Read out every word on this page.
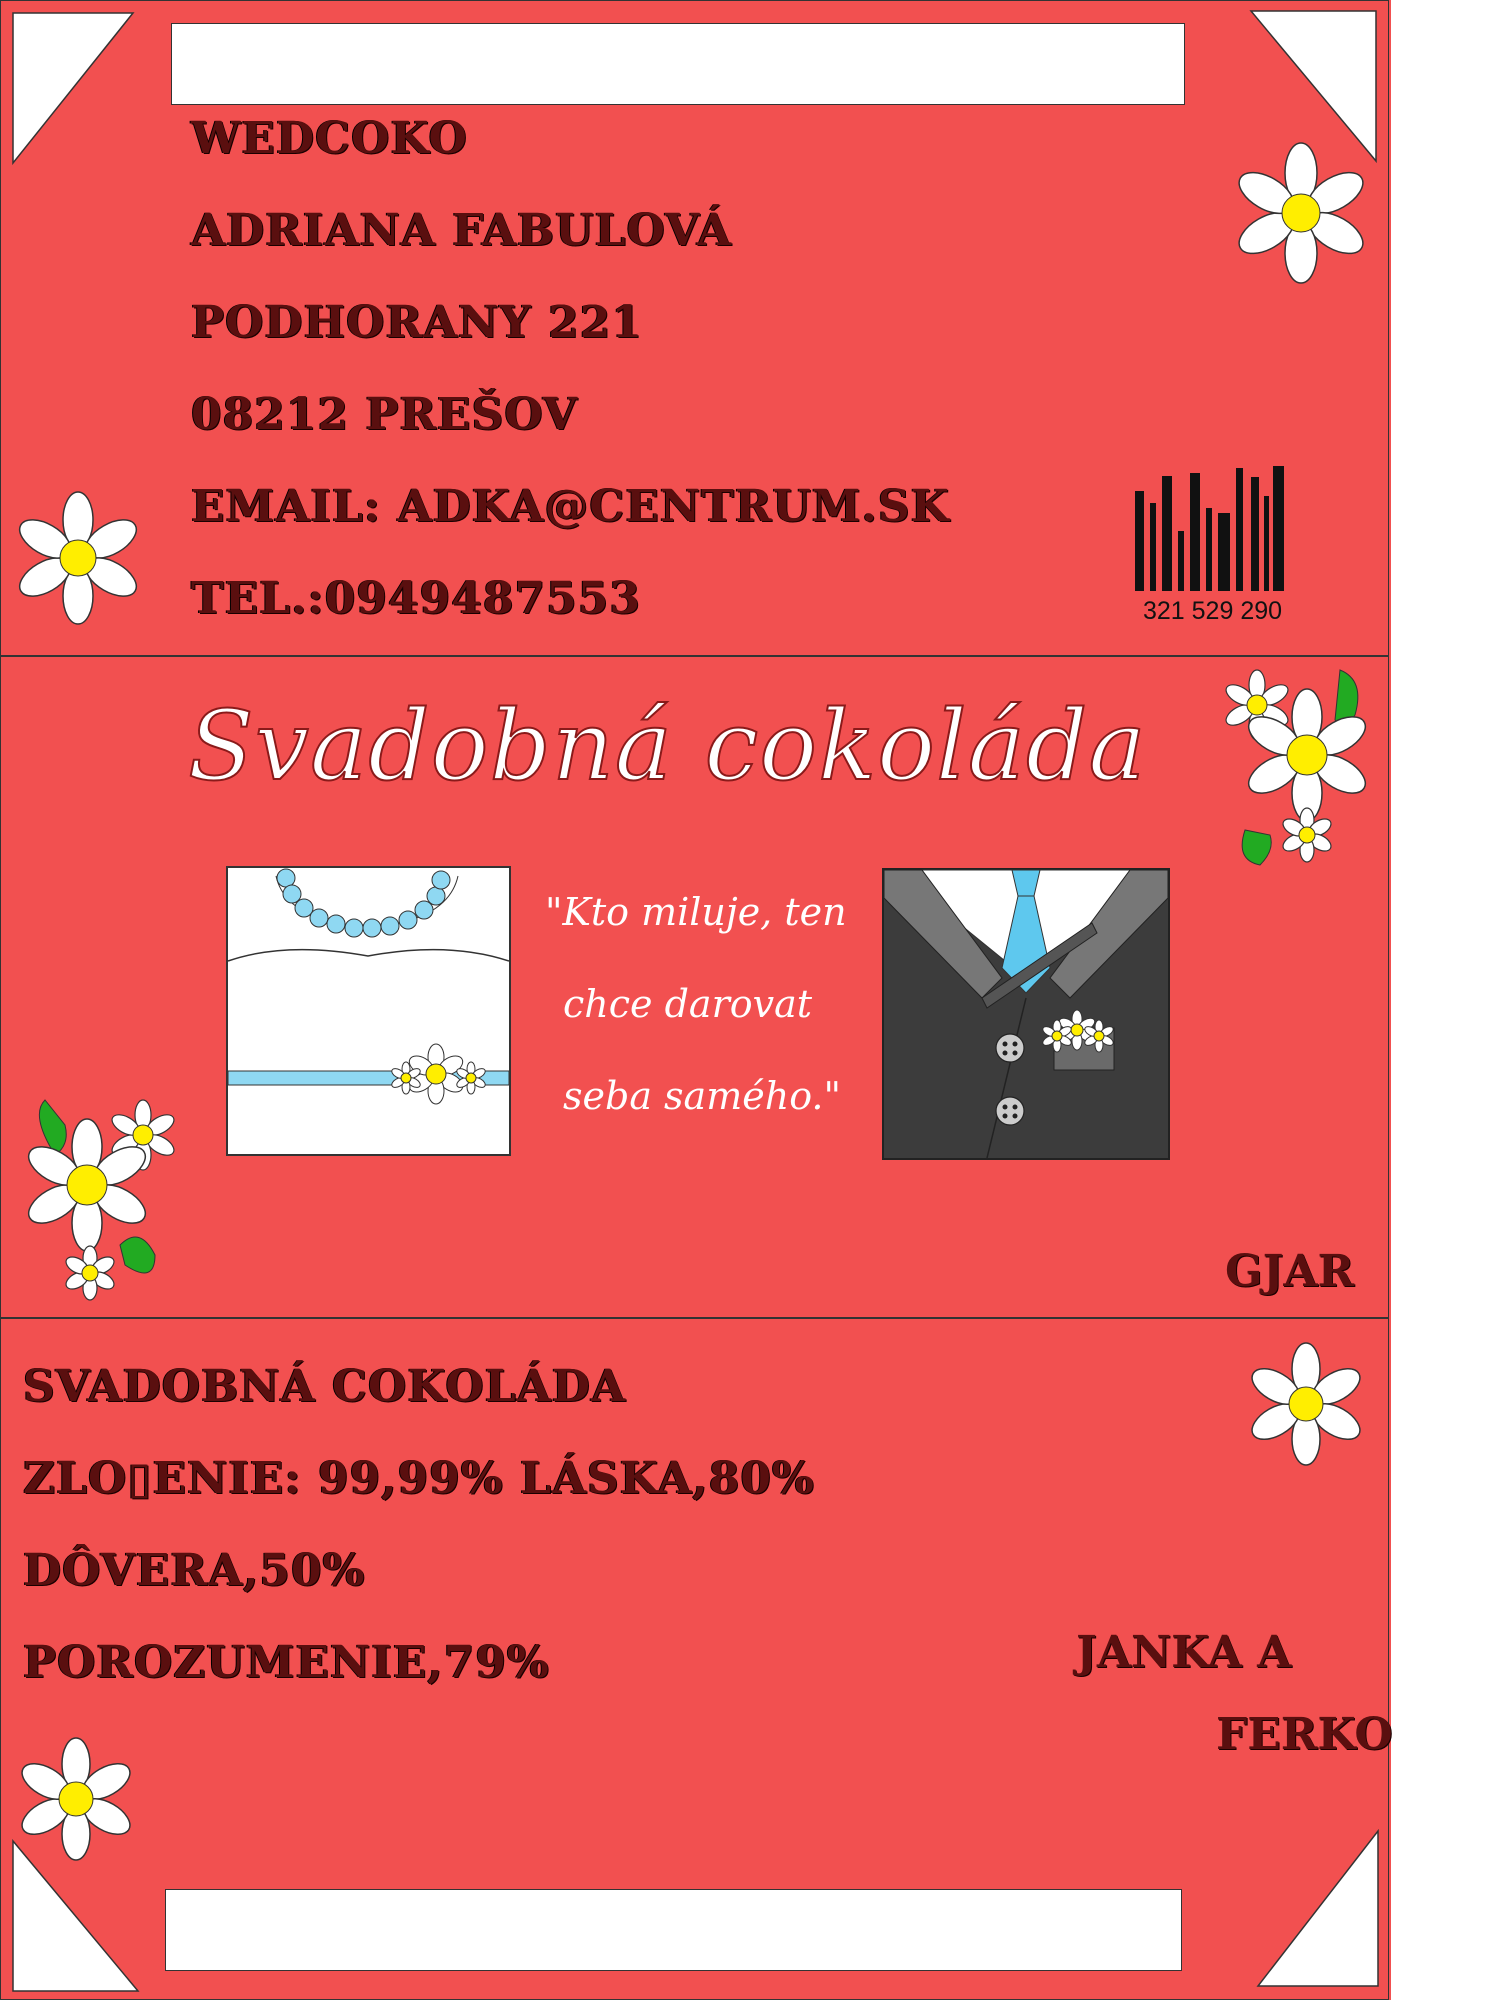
WEDCOKO
ADRIANA FABULOVÁ
PODHORANY 221
08212 PREŠOV
EMAIL: ADKA@CENTRUM.SK
TEL.:0949487553	321 529 290
Svadobná cokoláda
"Kto miluje, ten
chce darovat
seba samého."
GJAR
SVADOBNÁ COKOLÁDA
ZLO▯ENIE: 99,99% LÁSKA,80%
DÔVERA,50%
POROZUMENIE,79%	JANKA A
FERKO
